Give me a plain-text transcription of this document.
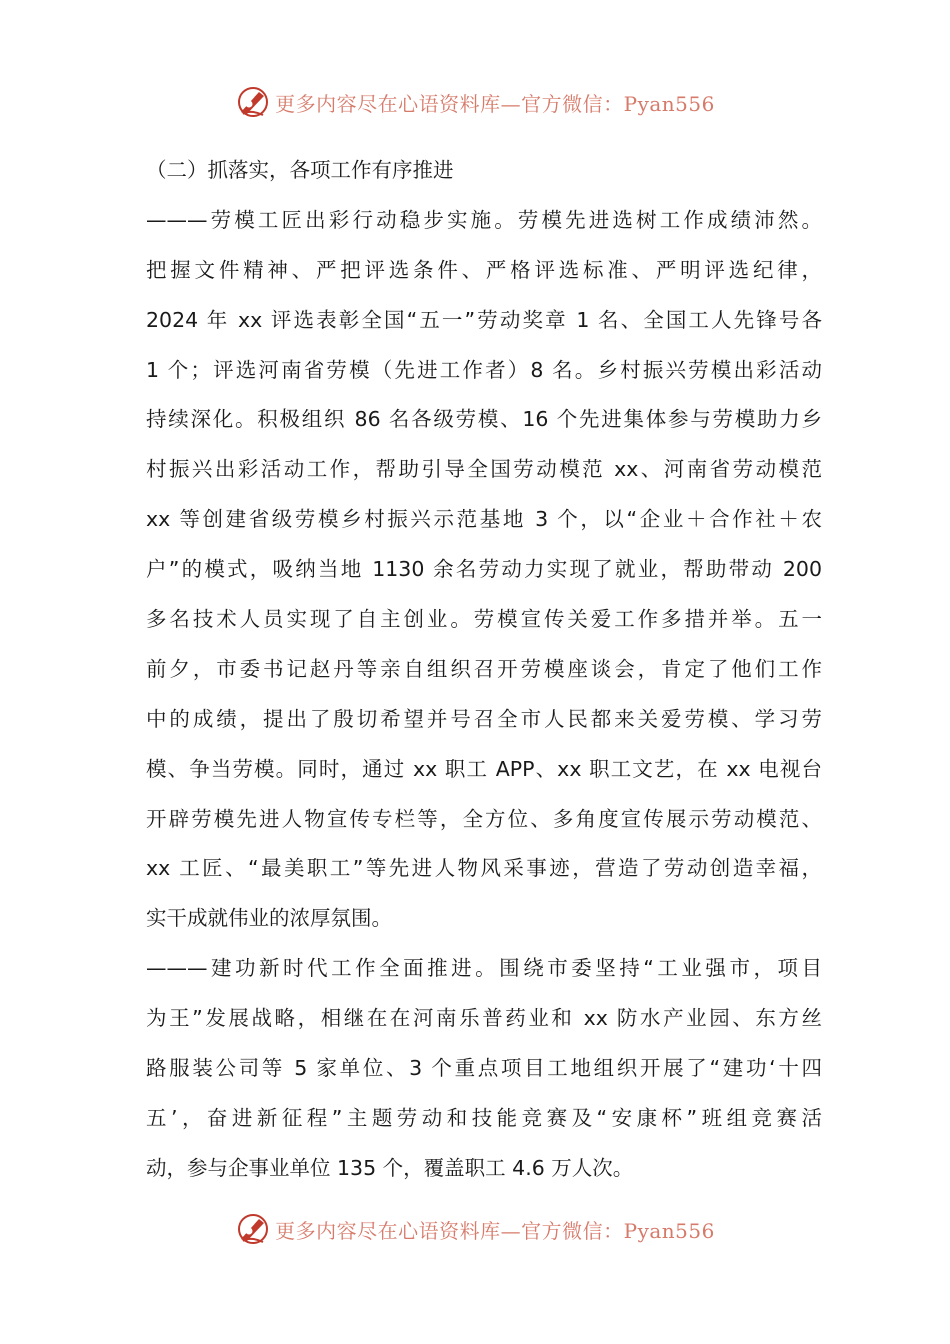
更多内容尽在心语资料库—官方微信：Pyan556
（二）抓落实，各项工作有序推进
———劳模工匠出彩行动稳步实施。劳模先进选树工作成绩沛然。
把握文件精神、严把评选条件、严格评选标准、严明评选纪律，
2024 年 xx 评选表彰全国“五一”劳动奖章 1 名、全国工人先锋号各
1 个；评选河南省劳模（先进工作者）8 名。乡村振兴劳模出彩活动
持续深化。积极组织 86 名各级劳模、16 个先进集体参与劳模助力乡
村振兴出彩活动工作，帮助引导全国劳动模范 xx、河南省劳动模范
xx 等创建省级劳模乡村振兴示范基地 3 个，以“企业＋合作社＋农
户”的模式，吸纳当地 1130 余名劳动力实现了就业，帮助带动 200
多名技术人员实现了自主创业。劳模宣传关爱工作多措并举。五一
前夕，市委书记赵丹等亲自组织召开劳模座谈会，肯定了他们工作
中的成绩，提出了殷切希望并号召全市人民都来关爱劳模、学习劳
模、争当劳模。同时，通过 xx 职工 APP、xx 职工文艺，在 xx 电视台
开辟劳模先进人物宣传专栏等，全方位、多角度宣传展示劳动模范、
xx 工匠、“最美职工”等先进人物风采事迹，营造了劳动创造幸福，
实干成就伟业的浓厚氛围。
———建功新时代工作全面推进。围绕市委坚持“工业强市，项目
为王”发展战略，相继在在河南乐普药业和 xx 防水产业园、东方丝
路服装公司等 5 家单位、3 个重点项目工地组织开展了“建功‘十四
五’，奋进新征程”主题劳动和技能竞赛及“安康杯”班组竞赛活
动，参与企事业单位 135 个，覆盖职工 4.6 万人次。
更多内容尽在心语资料库—官方微信：Pyan556
